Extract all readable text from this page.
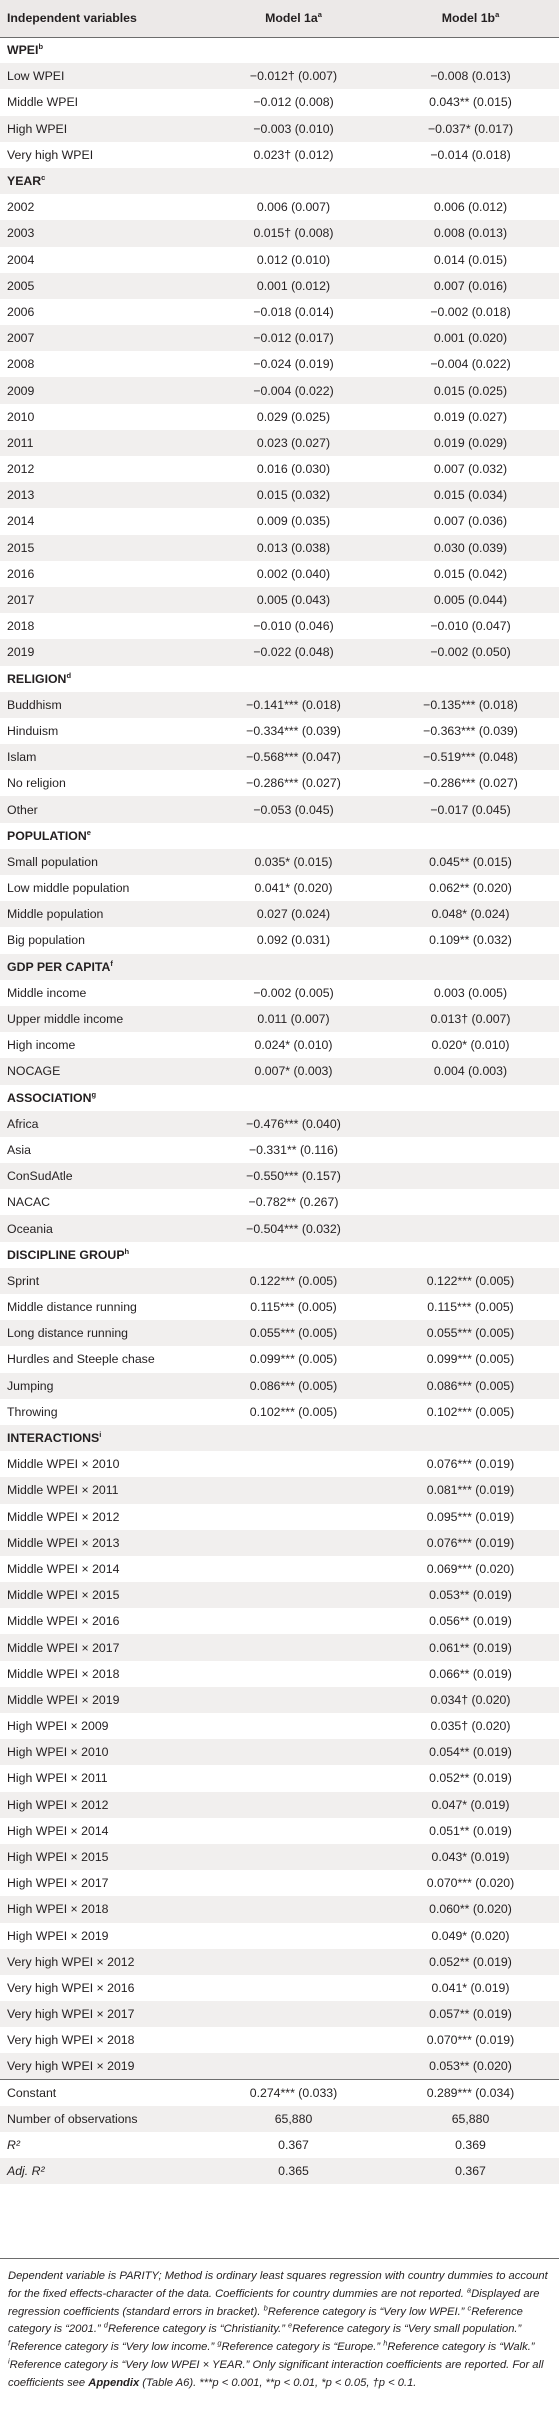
Independent variables	Model $1a^a$	Model $1b^a$
WPEI$^b$
Low WPEI	−0.012† (0.007)	−0.008 (0.013)
Middle WPEI	−0.012 (0.008)	0.043** (0.015)
High WPEI	−0.003 (0.010)	−0.037* (0.017)
Very high WPEI	0.023† (0.012)	−0.014 (0.018)
YEAR$^c$
2002	0.006 (0.007)	0.006 (0.012)
2003	0.015† (0.008)	0.008 (0.013)
2004	0.012 (0.010)	0.014 (0.015)
2005	0.001 (0.012)	0.007 (0.016)
2006	−0.018 (0.014)	−0.002 (0.018)
2007	−0.012 (0.017)	0.001 (0.020)
2008	−0.024 (0.019)	−0.004 (0.022)
2009	−0.004 (0.022)	0.015 (0.025)
2010	0.029 (0.025)	0.019 (0.027)
2011	0.023 (0.027)	0.019 (0.029)
2012	0.016 (0.030)	0.007 (0.032)
2013	0.015 (0.032)	0.015 (0.034)
2014	0.009 (0.035)	0.007 (0.036)
2015	0.013 (0.038)	0.030 (0.039)
2016	0.002 (0.040)	0.015 (0.042)
2017	0.005 (0.043)	0.005 (0.044)
2018	−0.010 (0.046)	−0.010 (0.047)
2019	−0.022 (0.048)	−0.002 (0.050)
RELIGION$^d$
Buddhism	−0.141*** (0.018)	−0.135*** (0.018)
Hinduism	−0.334*** (0.039)	−0.363*** (0.039)
Islam	−0.568*** (0.047)	−0.519*** (0.048)
No religion	−0.286*** (0.027)	−0.286*** (0.027)
Other	−0.053 (0.045)	−0.017 (0.045)
POPULATION$^e$
Small population	0.035* (0.015)	0.045** (0.015)
Low middle population	0.041* (0.020)	0.062** (0.020)
Middle population	0.027 (0.024)	0.048* (0.024)
Big population	0.092 (0.031)	0.109** (0.032)
GDP PER CAPITA$^f$
Middle income	−0.002 (0.005)	0.003 (0.005)
Upper middle income	0.011 (0.007)	0.013† (0.007)
High income	0.024* (0.010)	0.020* (0.010)
NOCAGE	0.007* (0.003)	0.004 (0.003)
ASSOCIATION$^g$
Africa	−0.476*** (0.040)	
Asia	−0.331** (0.116)	
ConSudAtle	−0.550*** (0.157)	
NACAC	−0.782** (0.267)	
Oceania	−0.504*** (0.032)	
DISCIPLINE GROUP$^h$
Sprint	0.122*** (0.005)	0.122*** (0.005)
Middle distance running	0.115*** (0.005)	0.115*** (0.005)
Long distance running	0.055*** (0.005)	0.055*** (0.005)
Hurdles and Steeple chase	0.099*** (0.005)	0.099*** (0.005)
Jumping	0.086*** (0.005)	0.086*** (0.005)
Throwing	0.102*** (0.005)	0.102*** (0.005)
INTERACTIONS$^i$
Middle WPEI × 2010		0.076*** (0.019)
Middle WPEI × 2011		0.081*** (0.019)
Middle WPEI × 2012		0.095*** (0.019)
Middle WPEI × 2013		0.076*** (0.019)
Middle WPEI × 2014		0.069*** (0.020)
Middle WPEI × 2015		0.053** (0.019)
Middle WPEI × 2016		0.056** (0.019)
Middle WPEI × 2017		0.061** (0.019)
Middle WPEI × 2018		0.066** (0.019)
Middle WPEI × 2019		0.034† (0.020)
High WPEI × 2009		0.035† (0.020)
High WPEI × 2010		0.054** (0.019)
High WPEI × 2011		0.052** (0.019)
High WPEI × 2012		0.047* (0.019)
High WPEI × 2014		0.051** (0.019)
High WPEI × 2015		0.043* (0.019)
High WPEI × 2017		0.070*** (0.020)
High WPEI × 2018		0.060** (0.020)
High WPEI × 2019		0.049* (0.020)
Very high WPEI × 2012		0.052** (0.019)
Very high WPEI × 2016		0.041* (0.019)
Very high WPEI × 2017		0.057** (0.019)
Very high WPEI × 2018		0.070*** (0.019)
Very high WPEI × 2019		0.053** (0.020)
Constant	0.274*** (0.033)	0.289*** (0.034)
Number of observations	65,880	65,880
R²	0.367	0.369
Adj. R²	0.365	0.367
Dependent variable is PARITY; Method is ordinary least squares regression with country dummies to account for the fixed effects-character of the data. Coefficients for country dummies are not reported. $^a$Displayed are regression coefficients (standard errors in bracket). $^b$Reference category is “Very low WPEI.” $^c$Reference category is “2001.” $^d$Reference category is “Christianity.” $^e$Reference category is “Very small population.” $^f$Reference category is “Very low income.” $^g$Reference category is “Europe.” $^h$Reference category is “Walk.” $^i$Reference category is “Very low WPEI × YEAR.” Only significant interaction coefficients are reported. For all coefficients see Appendix (Table A6). ***p < 0.001, **p < 0.01, *p < 0.05, †p < 0.1.
